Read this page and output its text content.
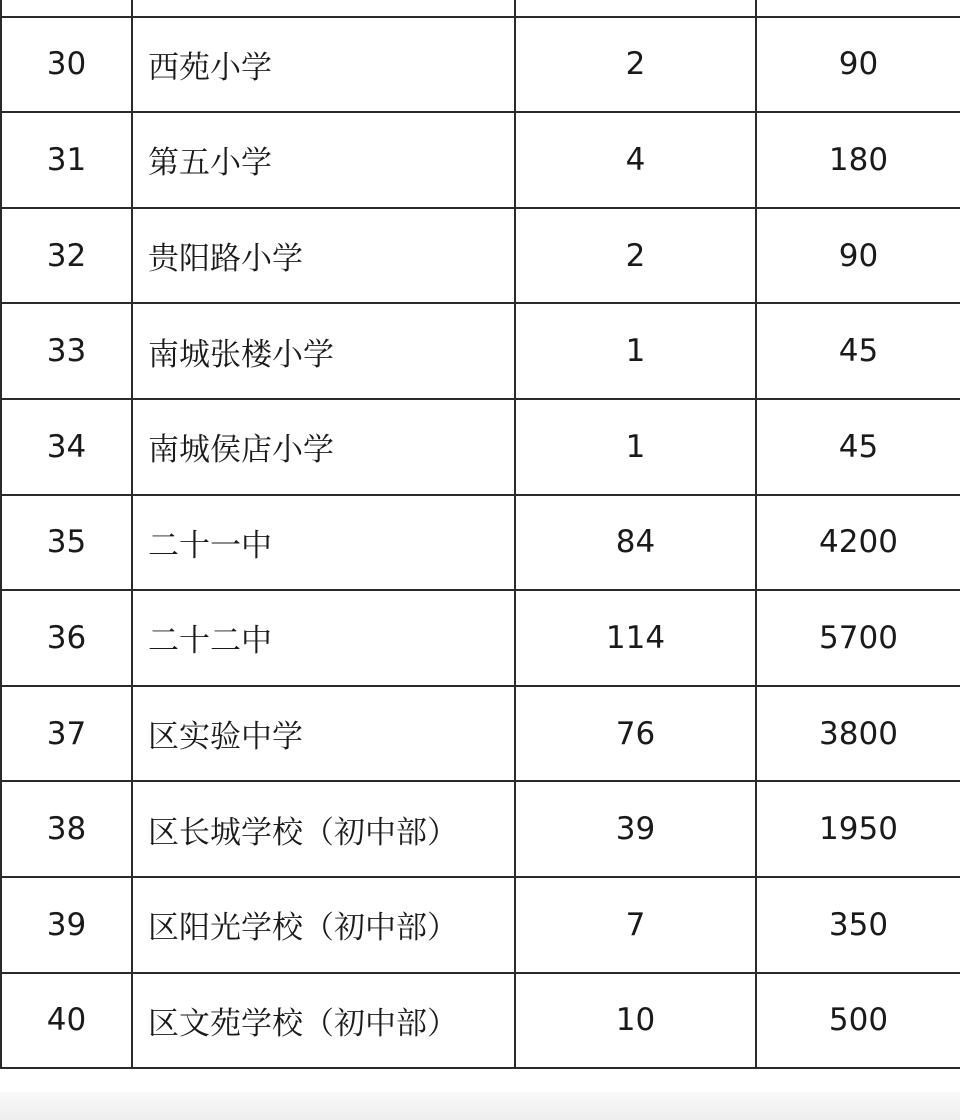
30	西苑小学	2	90
31	第五小学	4	180
32	贵阳路小学	2	90
33	南城张楼小学	1	45
34	南城侯店小学	1	45
35	二十一中	84	4200
36	二十二中	114	5700
37	区实验中学	76	3800
38	区长城学校（初中部）	39	1950
39	区阳光学校（初中部）	7	350
40	区文苑学校（初中部）	10	500
